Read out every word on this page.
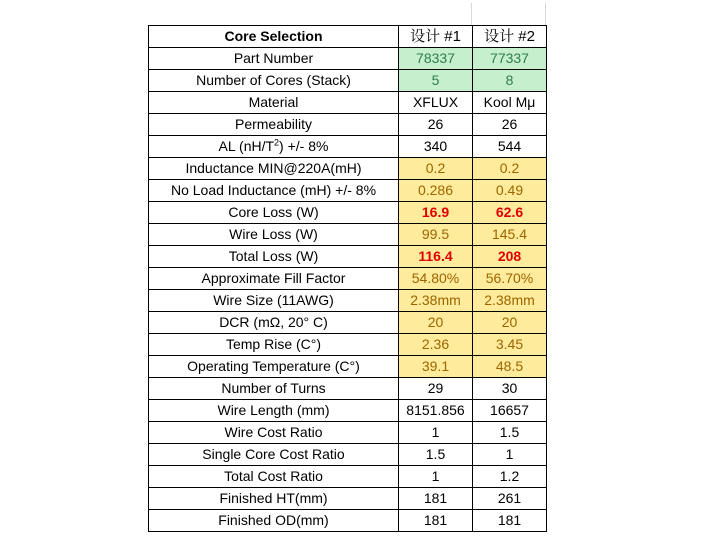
Core Selection	设计 #1	设计 #2
Part Number	78337	77337
Number of Cores (Stack)	5	8
Material	XFLUX	Kool Mμ
Permeability	26	26
AL $(nH/T^2)$ +/- 8%	340	544
Inductance MIN@220A(mH)	0.2	0.2
No Load Inductance (mH) +/- 8%	0.286	0.49
Core Loss (W)	16.9	62.6
Wire Loss (W)	99.5	145.4
Total Loss (W)	116.4	208
Approximate Fill Factor	54.80%	56.70%
Wire Size (11AWG)	2.38mm	2.38mm
DCR (mΩ, 20° C)	20	20
Temp Rise (C°)	2.36	3.45
Operating Temperature (C°)	39.1	48.5
Number of Turns	29	30
Wire Length (mm)	8151.856	16657
Wire Cost Ratio	1	1.5
Single Core Cost Ratio	1.5	1
Total Cost Ratio	1	1.2
Finished HT(mm)	181	261
Finished OD(mm)	181	181
